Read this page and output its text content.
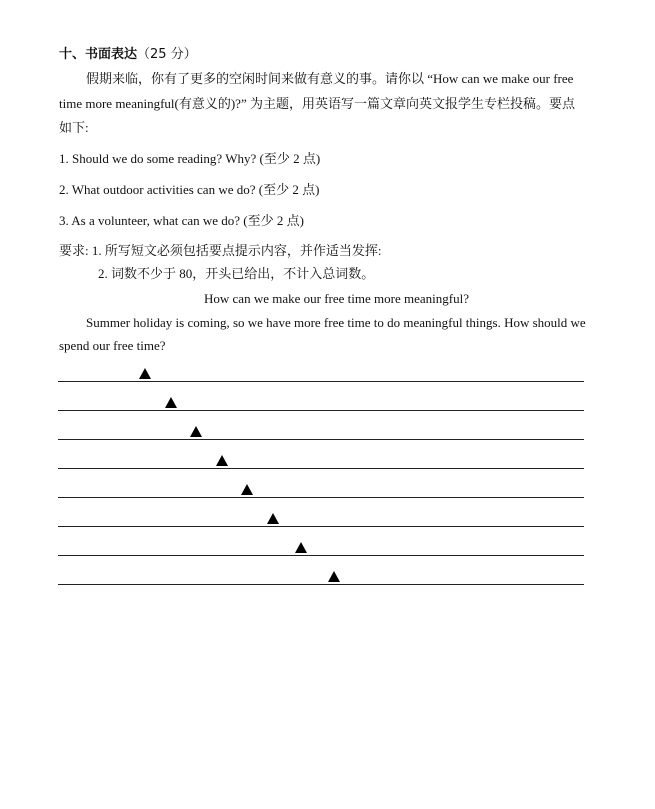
十、书面表达（25 分）
假期来临，你有了更多的空闲时间来做有意义的事。请你以 “How can we make our free
time more meaningful(有意义的)?” 为主题，用英语写一篇文章向英文报学生专栏投稿。要点
如下:
1. Should we do some reading? Why? (至少 2 点)
2. What outdoor activities can we do? (至少 2 点)
3. As a volunteer, what can we do? (至少 2 点)
要求: 1. 所写短文必须包括要点提示内容，并作适当发挥:
2. 词数不少于 80，开头已给出，不计入总词数。
How can we make our free time more meaningful?
Summer holiday is coming, so we have more free time to do meaningful things. How should we
spend our free time?
